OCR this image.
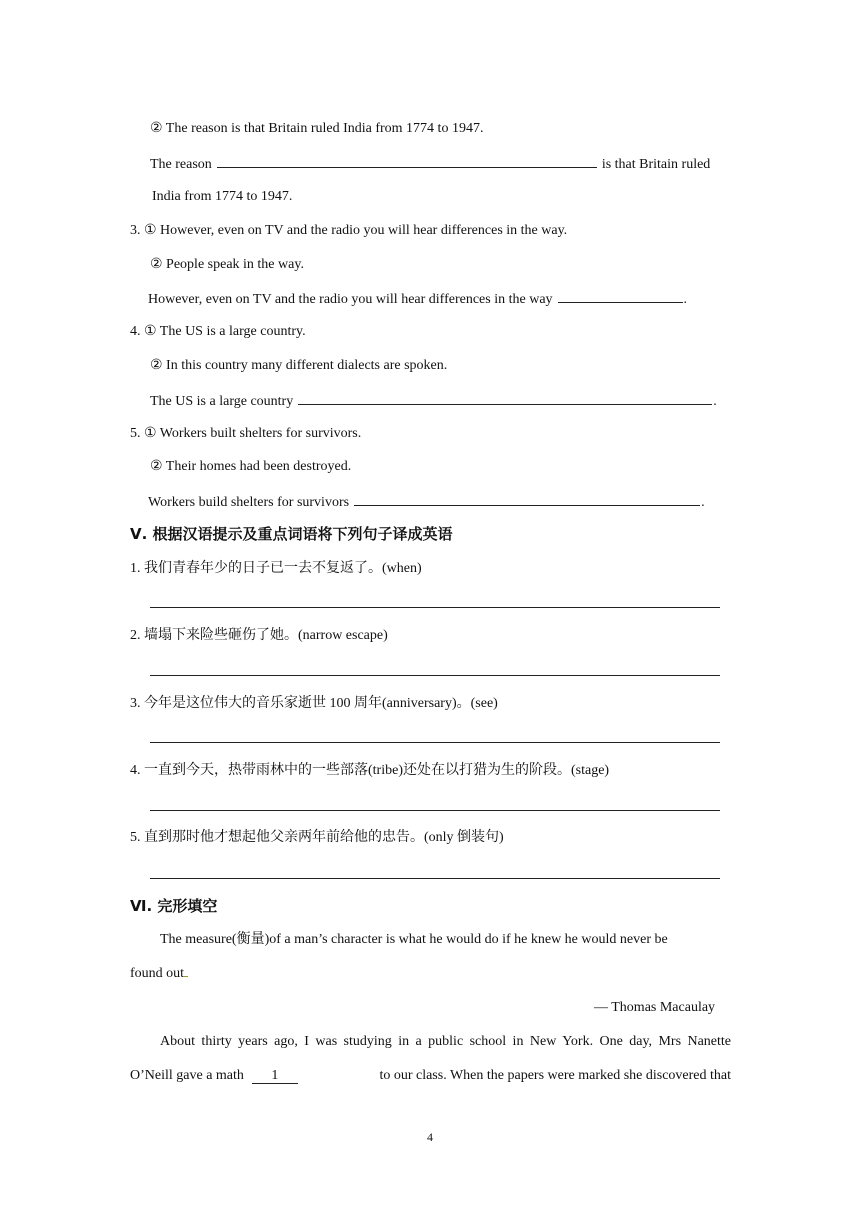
② The reason is that Britain ruled India from 1774 to 1947.
The reason	is that Britain ruled
India from 1774 to 1947.
3. ① However, even on TV and the radio you will hear differences in the way.
② People speak in the way.
However, even on TV and the radio you will hear differences in the way	.
4. ① The US is a large country.
② In this country many different dialects are spoken.
The US is a large country	.
5. ① Workers built shelters for survivors.
② Their homes had been destroyed.
Workers build shelters for survivors	.
Ⅴ. 根据汉语提示及重点词语将下列句子译成英语
1. 我们青春年少的日子已一去不复返了。(when)
2. 墙塌下来险些砸伤了她。(narrow escape)
3. 今年是这位伟大的音乐家逝世 100 周年(anniversary)。(see)
4. 一直到今天，热带雨林中的一些部落(tribe)还处在以打猎为生的阶段。(stage)
5. 直到那时他才想起他父亲两年前给他的忠告。(only 倒装句)
Ⅵ. 完形填空
The measure(衡量)of a man’s character is what he would do if he knew he would never be
found out
— Thomas Macaulay
About thirty years ago, I was studying in a public school in New York. One day, Mrs Nanette
O’Neill gave a math 1	to our class. When the papers were marked she discovered that
4
